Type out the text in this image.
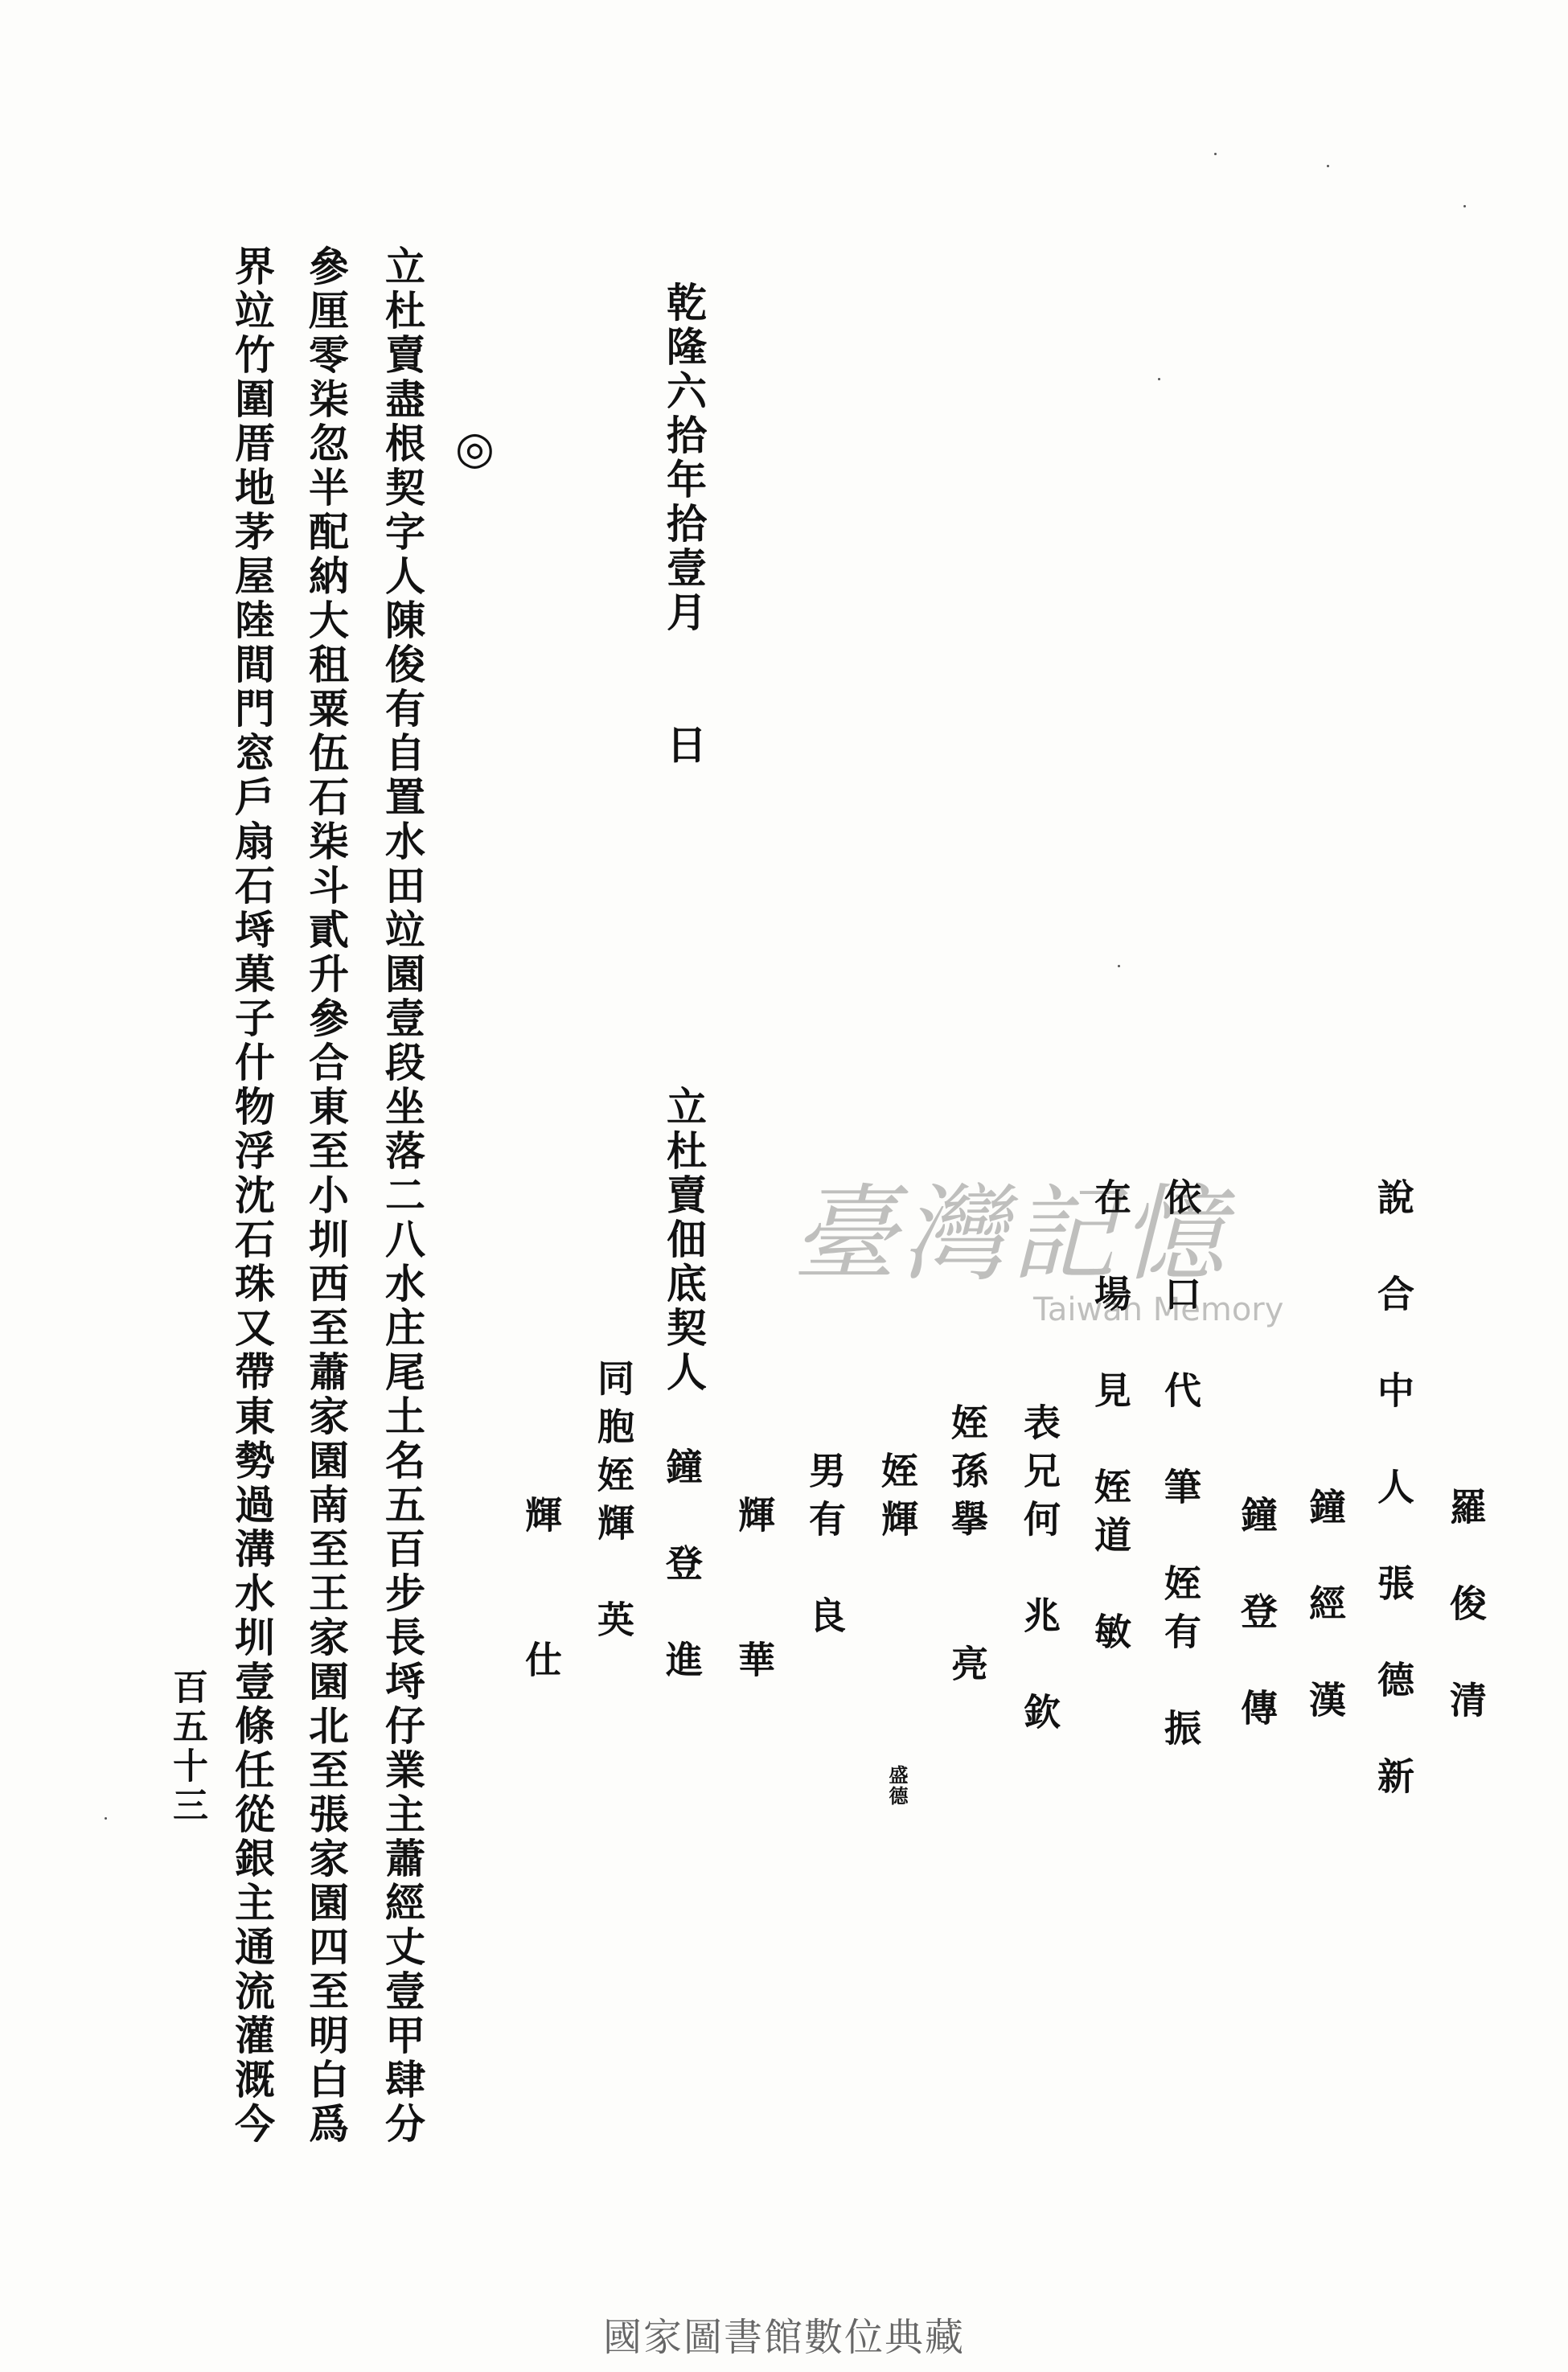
立杜賣盡根契字人陳俊有自置水田竝園壹段坐落二八水庄尾土名五百步長埓仔業主蕭經丈壹甲肆分
參厘零柒忽半配納大租粟伍石柒斗貳升參合東至小圳西至蕭家園南至王家園北至張家園四至明白爲
界竝竹圍厝地茅屋陸間門窓戶扇石埓菓子什物浮沈石珠又帶東勢過溝水圳壹條任從銀主通流灌溉今	◎
百五十三
乾隆六拾年拾壹月　　日
立杜賣佃底契人
鐘　登　進	羅　俊　清
說　合　中　人　張　德　新
鐘　經　漢
鐘　登　傳
依　口　代　筆　姪有　振
在　場　見　姪道　敏
表兄何　兆　欽
姪孫擧　　亮
姪輝
盛德
男有　良
輝　　華
同胞姪輝　英
輝　　仕
臺灣記憶
Taiwan Memory
國家圖書館數位典藏
